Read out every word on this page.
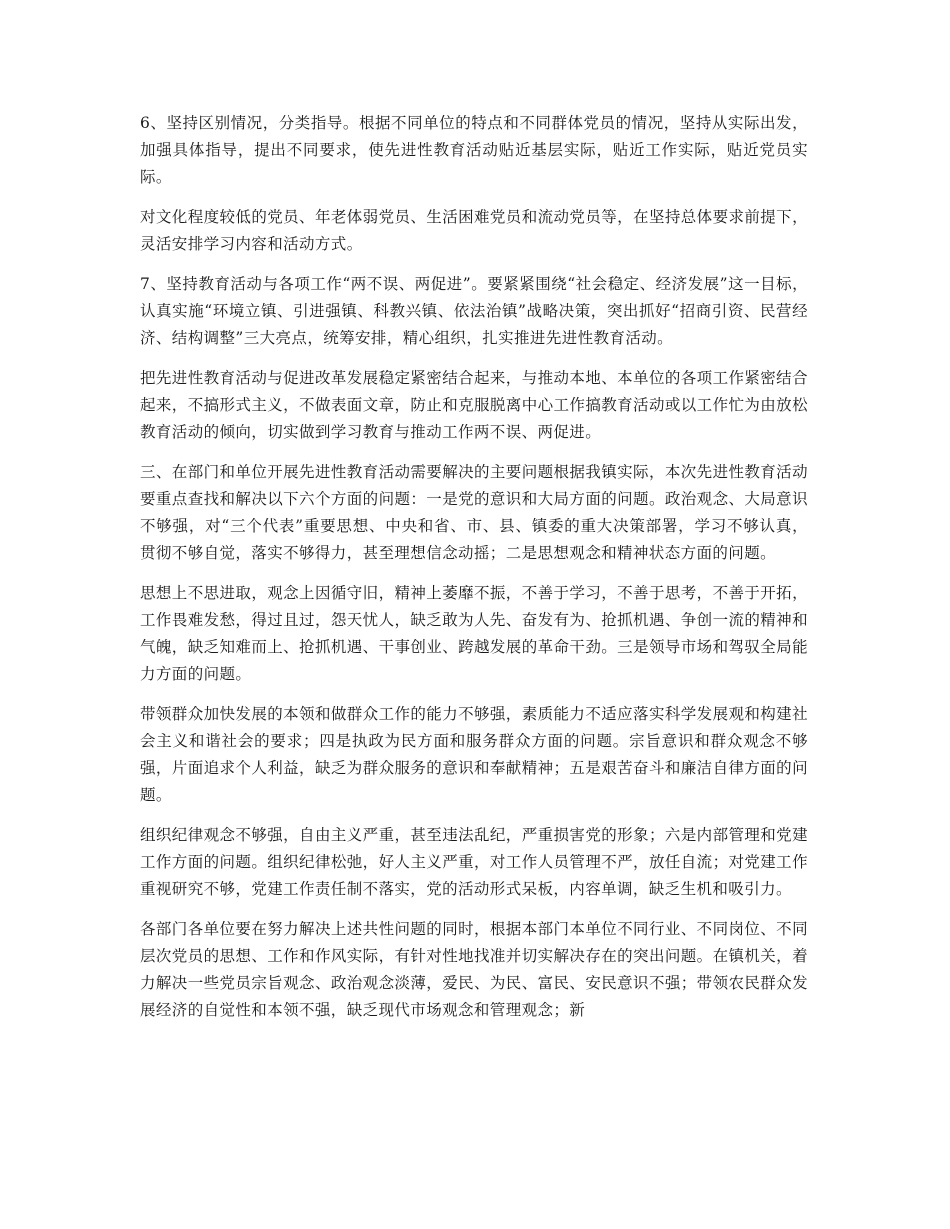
6、坚持区别情况，分类指导。根据不同单位的特点和不同群体党员的情况，坚持从实际出发，加强具体指导，提出不同要求，使先进性教育活动贴近基层实际，贴近工作实际，贴近党员实际。

对文化程度较低的党员、年老体弱党员、生活困难党员和流动党员等，在坚持总体要求前提下，灵活安排学习内容和活动方式。

7、坚持教育活动与各项工作“两不误、两促进”。要紧紧围绕“社会稳定、经济发展”这一目标，认真实施“环境立镇、引进强镇、科教兴镇、依法治镇”战略决策，突出抓好“招商引资、民营经济、结构调整”三大亮点，统筹安排，精心组织，扎实推进先进性教育活动。

把先进性教育活动与促进改革发展稳定紧密结合起来，与推动本地、本单位的各项工作紧密结合起来，不搞形式主义，不做表面文章，防止和克服脱离中心工作搞教育活动或以工作忙为由放松教育活动的倾向，切实做到学习教育与推动工作两不误、两促进。

三、在部门和单位开展先进性教育活动需要解决的主要问题根据我镇实际，本次先进性教育活动要重点查找和解决以下六个方面的问题：一是党的意识和大局方面的问题。政治观念、大局意识不够强，对“三个代表”重要思想、中央和省、市、县、镇委的重大决策部署，学习不够认真，贯彻不够自觉，落实不够得力，甚至理想信念动摇；二是思想观念和精神状态方面的问题。

思想上不思进取，观念上因循守旧，精神上萎靡不振，不善于学习，不善于思考，不善于开拓，工作畏难发愁，得过且过，怨天忧人，缺乏敢为人先、奋发有为、抢抓机遇、争创一流的精神和气魄，缺乏知难而上、抢抓机遇、干事创业、跨越发展的革命干劲。三是领导市场和驾驭全局能力方面的问题。

带领群众加快发展的本领和做群众工作的能力不够强，素质能力不适应落实科学发展观和构建社会主义和谐社会的要求；四是执政为民方面和服务群众方面的问题。宗旨意识和群众观念不够强，片面追求个人利益，缺乏为群众服务的意识和奉献精神；五是艰苦奋斗和廉洁自律方面的问题。

组织纪律观念不够强，自由主义严重，甚至违法乱纪，严重损害党的形象；六是内部管理和党建工作方面的问题。组织纪律松弛，好人主义严重，对工作人员管理不严，放任自流；对党建工作重视研究不够，党建工作责任制不落实，党的活动形式呆板，内容单调，缺乏生机和吸引力。

各部门各单位要在努力解决上述共性问题的同时，根据本部门本单位不同行业、不同岗位、不同层次党员的思想、工作和作风实际，有针对性地找准并切实解决存在的突出问题。在镇机关，着力解决一些党员宗旨观念、政治观念淡薄，爱民、为民、富民、安民意识不强；带领农民群众发展经济的自觉性和本领不强，缺乏现代市场观念和管理观念；新
